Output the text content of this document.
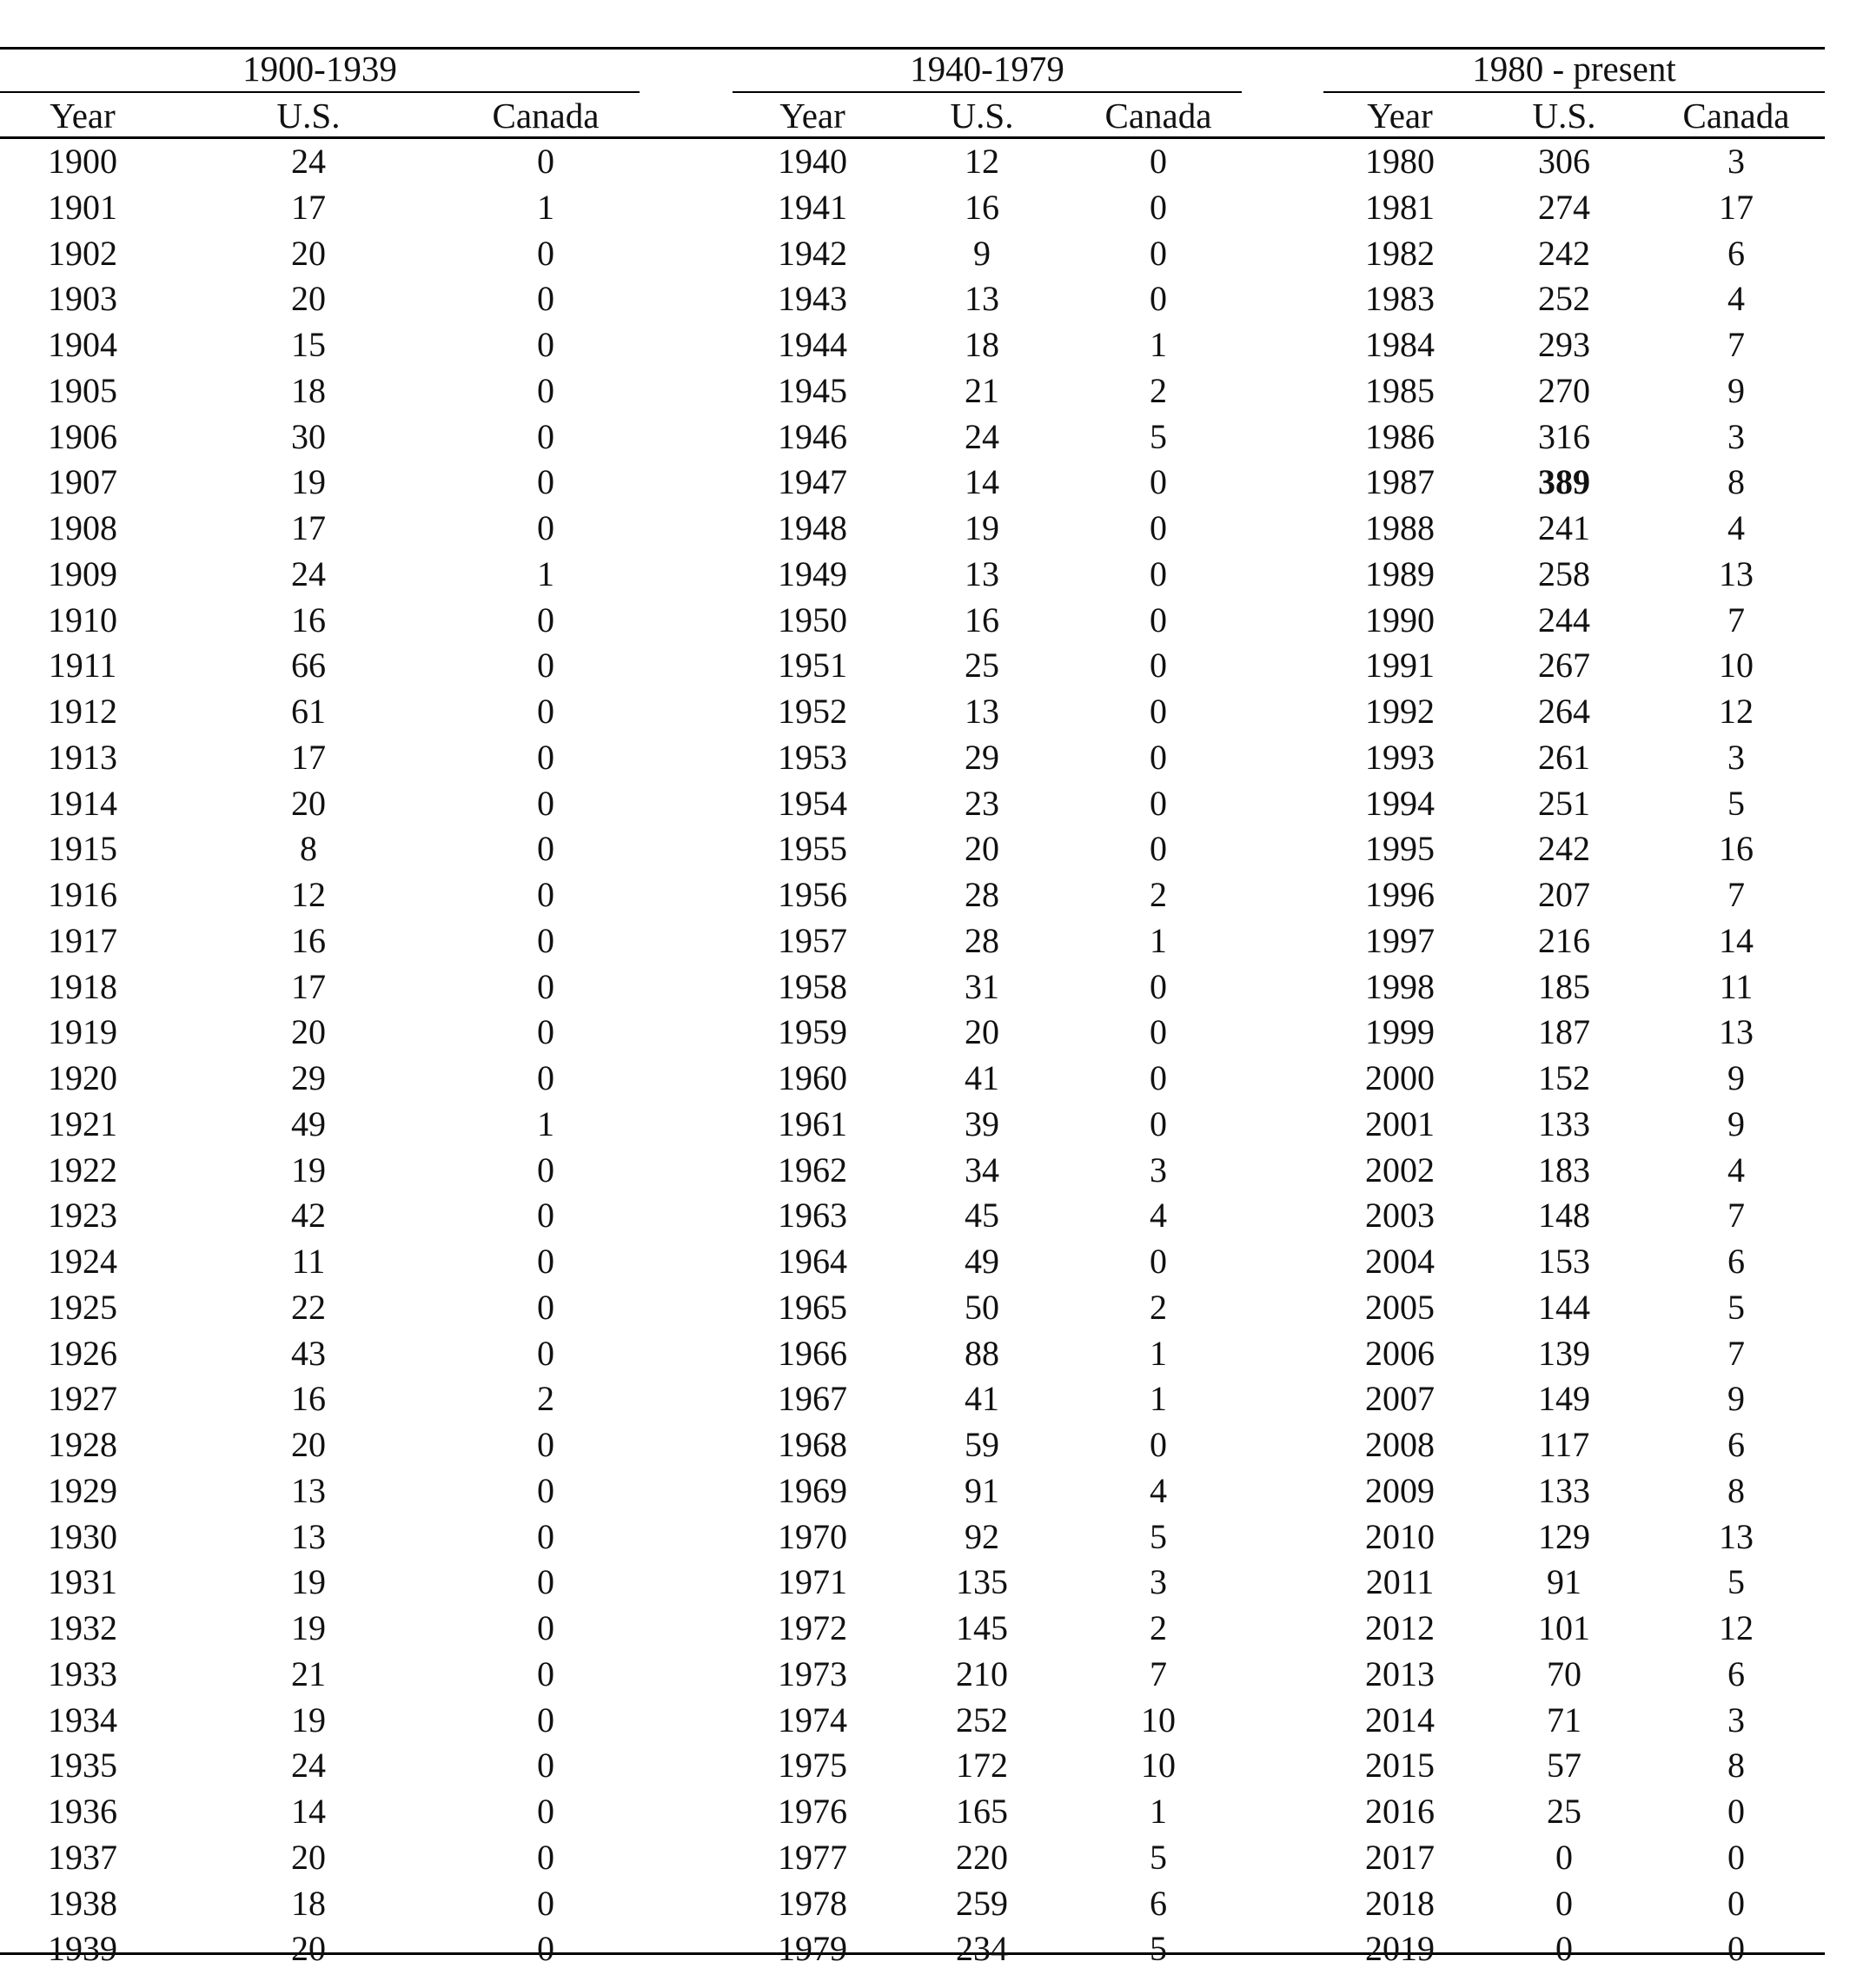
1900-1939	1940-1979	1980 - present
Year	U.S.	Canada	Year	U.S.	Canada	Year	U.S.	Canada
1900	24	0
1901	17	1
1902	20	0
1903	20	0
1904	15	0
1905	18	0
1906	30	0
1907	19	0
1908	17	0
1909	24	1
1910	16	0
1911	66	0
1912	61	0
1913	17	0
1914	20	0
1915	8	0
1916	12	0
1917	16	0
1918	17	0
1919	20	0
1920	29	0
1921	49	1
1922	19	0
1923	42	0
1924	11	0
1925	22	0
1926	43	0
1927	16	2
1928	20	0
1929	13	0
1930	13	0
1931	19	0
1932	19	0
1933	21	0
1934	19	0
1935	24	0
1936	14	0
1937	20	0
1938	18	0
1939	20	0
1940	12	0
1941	16	0
1942	9	0
1943	13	0
1944	18	1
1945	21	2
1946	24	5
1947	14	0
1948	19	0
1949	13	0
1950	16	0
1951	25	0
1952	13	0
1953	29	0
1954	23	0
1955	20	0
1956	28	2
1957	28	1
1958	31	0
1959	20	0
1960	41	0
1961	39	0
1962	34	3
1963	45	4
1964	49	0
1965	50	2
1966	88	1
1967	41	1
1968	59	0
1969	91	4
1970	92	5
1971	135	3
1972	145	2
1973	210	7
1974	252	10
1975	172	10
1976	165	1
1977	220	5
1978	259	6
1979	234	5
1980	306	3
1981	274	17
1982	242	6
1983	252	4
1984	293	7
1985	270	9
1986	316	3
1987	389	8
1988	241	4
1989	258	13
1990	244	7
1991	267	10
1992	264	12
1993	261	3
1994	251	5
1995	242	16
1996	207	7
1997	216	14
1998	185	11
1999	187	13
2000	152	9
2001	133	9
2002	183	4
2003	148	7
2004	153	6
2005	144	5
2006	139	7
2007	149	9
2008	117	6
2009	133	8
2010	129	13
2011	91	5
2012	101	12
2013	70	6
2014	71	3
2015	57	8
2016	25	0
2017	0	0
2018	0	0
2019	0	0
